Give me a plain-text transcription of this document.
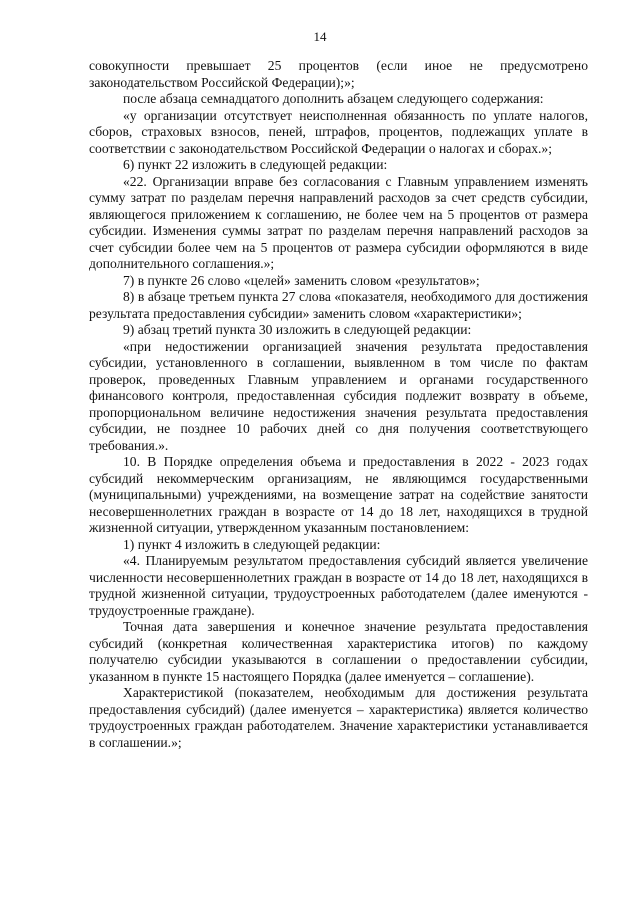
14

совокупности превышает 25 процентов (если иное не предусмотрено законодательством Российской Федерации);»;

после абзаца семнадцатого дополнить абзацем следующего содержания:

«у организации отсутствует неисполненная обязанность по уплате налогов, сборов, страховых взносов, пеней, штрафов, процентов, подлежащих уплате в соответствии с законодательством Российской Федерации о налогах и сборах.»;

6) пункт 22 изложить в следующей редакции:

«22. Организации вправе без согласования с Главным управлением изменять сумму затрат по разделам перечня направлений расходов за счет средств субсидии, являющегося приложением к соглашению, не более чем на 5 процентов от размера субсидии. Изменения суммы затрат по разделам перечня направлений расходов за счет субсидии более чем на 5 процентов от размера субсидии оформляются в виде дополнительного соглашения.»;

7) в пункте 26 слово «целей» заменить словом «результатов»;

8) в абзаце третьем пункта 27 слова «показателя, необходимого для достижения результата предоставления субсидии» заменить словом «характеристики»;

9) абзац третий пункта 30 изложить в следующей редакции:

«при недостижении организацией значения результата предоставления субсидии, установленного в соглашении, выявленном в том числе по фактам проверок, проведенных Главным управлением и органами государственного финансового контроля, предоставленная субсидия подлежит возврату в объеме, пропорциональном величине недостижения значения результата предоставления субсидии, не позднее 10 рабочих дней со дня получения соответствующего требования.».

10. В Порядке определения объема и предоставления в 2022 - 2023 годах субсидий некоммерческим организациям, не являющимся государственными (муниципальными) учреждениями, на возмещение затрат на содействие занятости несовершеннолетних граждан в возрасте от 14 до 18 лет, находящихся в трудной жизненной ситуации, утвержденном указанным постановлением:

1) пункт 4 изложить в следующей редакции:

«4. Планируемым результатом предоставления субсидий является увеличение численности несовершеннолетних граждан в возрасте от 14 до 18 лет, находящихся в трудной жизненной ситуации, трудоустроенных работодателем (далее именуются - трудоустроенные граждане).

Точная дата завершения и конечное значение результата предоставления субсидий (конкретная количественная характеристика итогов) по каждому получателю субсидии указываются в соглашении о предоставлении субсидии, указанном в пункте 15 настоящего Порядка (далее именуется – соглашение).

Характеристикой (показателем, необходимым для достижения результата предоставления субсидий) (далее именуется – характеристика) является количество трудоустроенных граждан работодателем. Значение характеристики устанавливается в соглашении.»;
